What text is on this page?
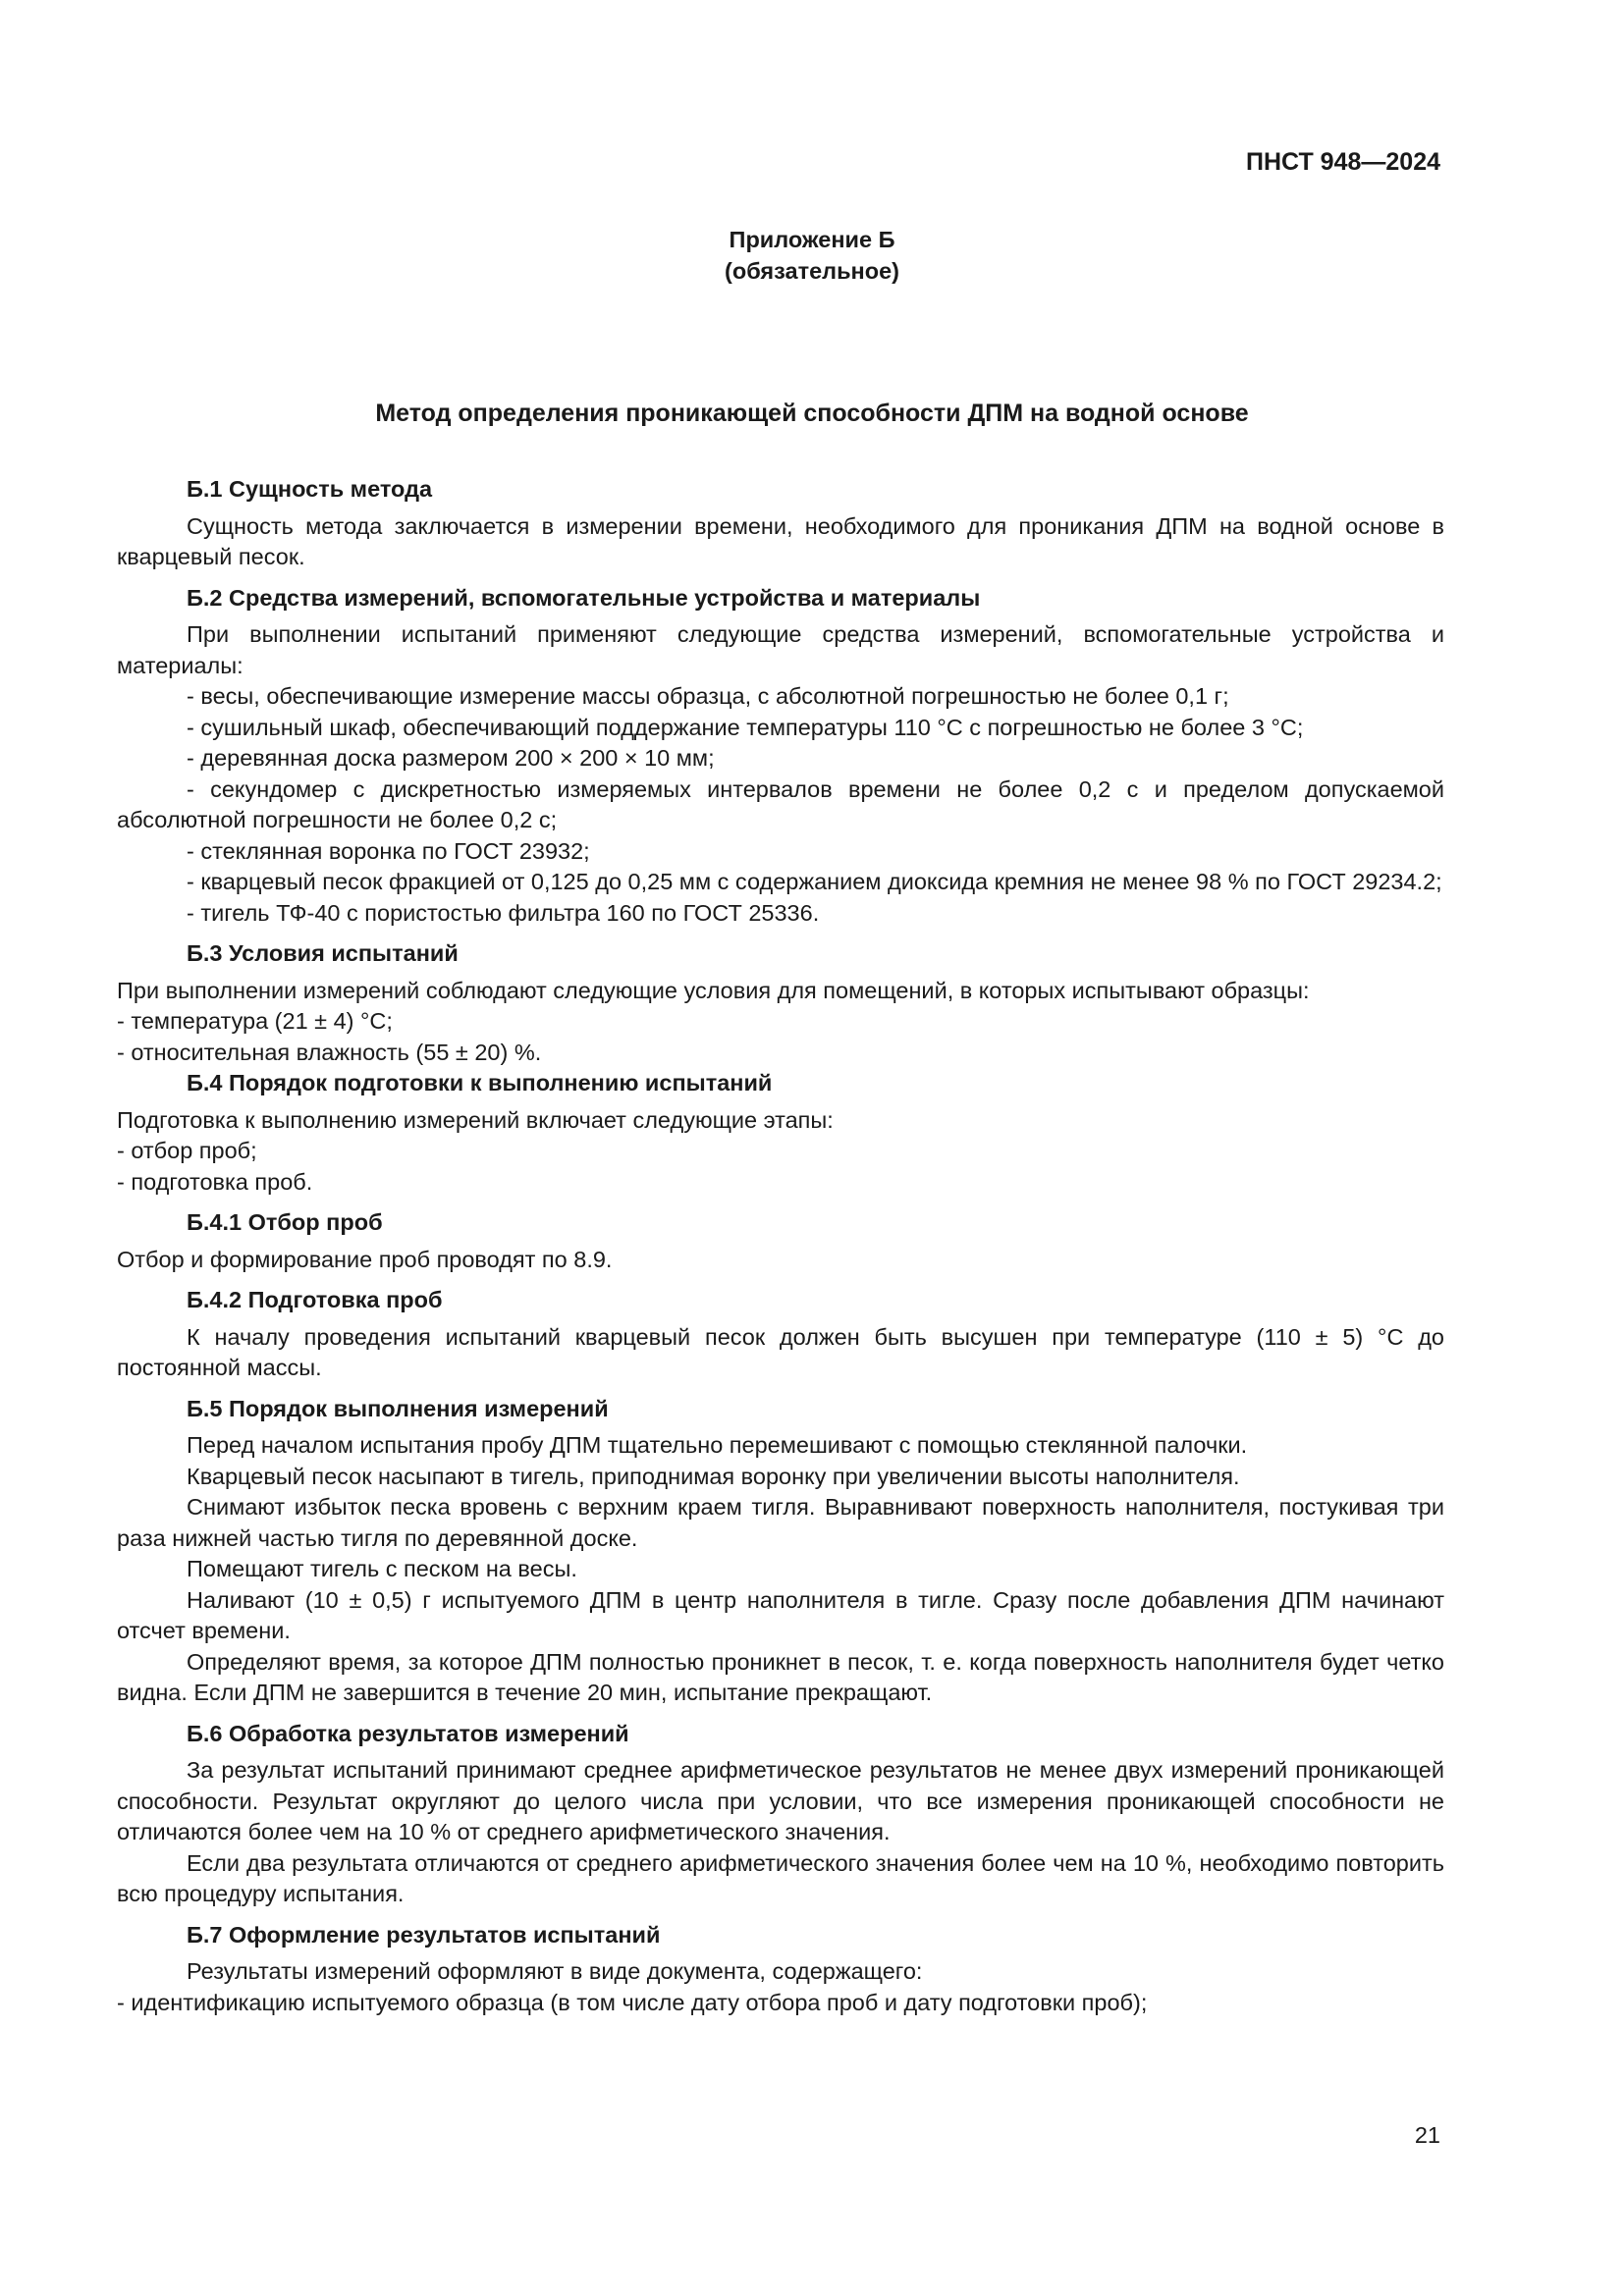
ПНСТ 948—2024
Приложение Б
(обязательное)
Метод определения проникающей способности ДПМ на водной основе
Б.1 Сущность метода

Сущность метода заключается в измерении времени, необходимого для проникания ДПМ на водной основе в кварцевый песок.

Б.2 Средства измерений, вспомогательные устройства и материалы

При выполнении испытаний применяют следующие средства измерений, вспомогательные устройства и материалы:

- весы, обеспечивающие измерение массы образца, с абсолютной погрешностью не более 0,1 г;

- сушильный шкаф, обеспечивающий поддержание температуры 110 °С с погрешностью не более 3 °С;

- деревянная доска размером 200 × 200 × 10 мм;

- секундомер с дискретностью измеряемых интервалов времени не более 0,2 с и пределом допускаемой абсолютной погрешности не более 0,2 с;

- стеклянная воронка по ГОСТ 23932;

- кварцевый песок фракцией от 0,125 до 0,25 мм с содержанием диоксида кремния не менее 98 % по ГОСТ 29234.2;

- тигель ТФ-40 с пористостью фильтра 160 по ГОСТ 25336.

Б.3 Условия испытаний

При выполнении измерений соблюдают следующие условия для помещений, в которых испытывают образцы:

- температура (21 ± 4) °С;

- относительная влажность (55 ± 20) %.

Б.4 Порядок подготовки к выполнению испытаний

Подготовка к выполнению измерений включает следующие этапы:

- отбор проб;

- подготовка проб.

Б.4.1 Отбор проб

Отбор и формирование проб проводят по 8.9.

Б.4.2 Подготовка проб

К началу проведения испытаний кварцевый песок должен быть высушен при температуре (110 ± 5) °С до постоянной массы.

Б.5 Порядок выполнения измерений

Перед началом испытания пробу ДПМ тщательно перемешивают с помощью стеклянной палочки.

Кварцевый песок насыпают в тигель, приподнимая воронку при увеличении высоты наполнителя.

Снимают избыток песка вровень с верхним краем тигля. Выравнивают поверхность наполнителя, постукивая три раза нижней частью тигля по деревянной доске.

Помещают тигель с песком на весы.

Наливают (10 ± 0,5) г испытуемого ДПМ в центр наполнителя в тигле. Сразу после добавления ДПМ начинают отсчет времени.

Определяют время, за которое ДПМ полностью проникнет в песок, т. е. когда поверхность наполнителя будет четко видна. Если ДПМ не завершится в течение 20 мин, испытание прекращают.

Б.6 Обработка результатов измерений

За результат испытаний принимают среднее арифметическое результатов не менее двух измерений проникающей способности. Результат округляют до целого числа при условии, что все измерения проникающей способности не отличаются более чем на 10 % от среднего арифметического значения.

Если два результата отличаются от среднего арифметического значения более чем на 10 %, необходимо повторить всю процедуру испытания.

Б.7 Оформление результатов испытаний

Результаты измерений оформляют в виде документа, содержащего:

- идентификацию испытуемого образца (в том числе дату отбора проб и дату подготовки проб);

21
